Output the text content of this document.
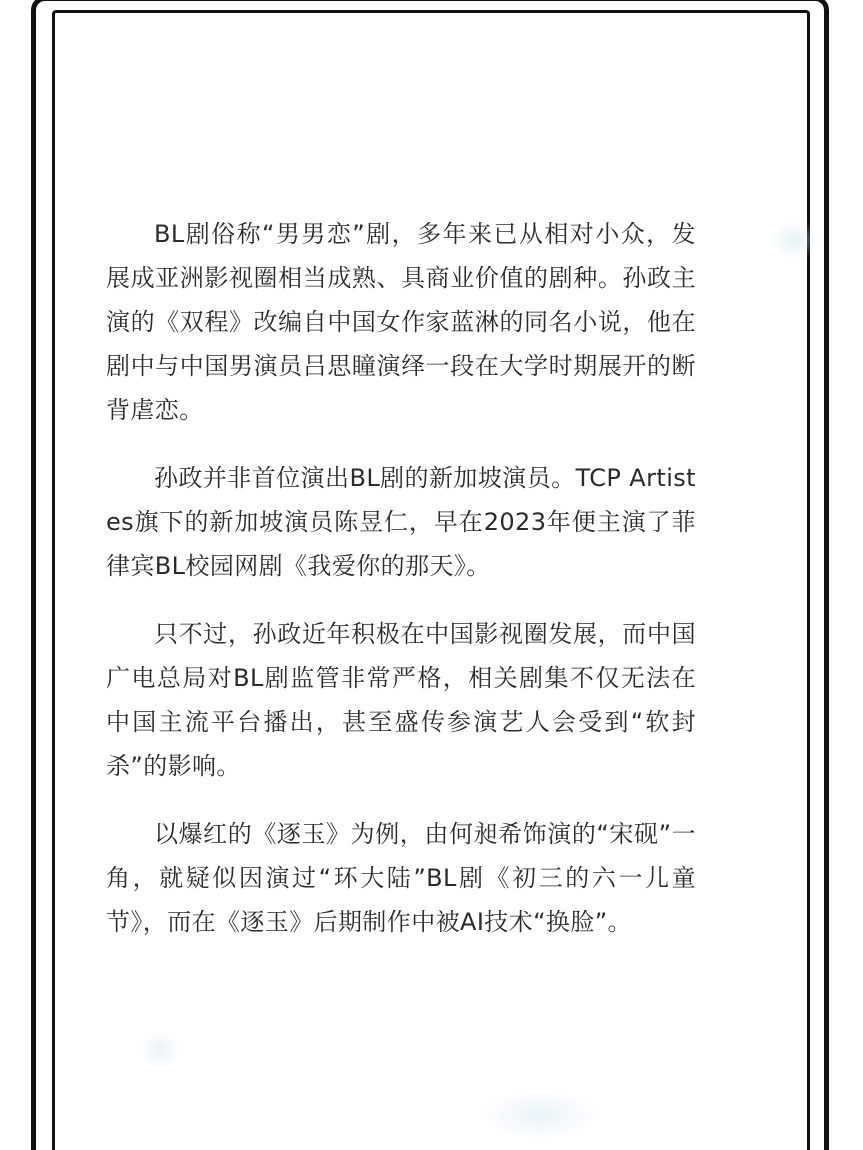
BL剧俗称“男男恋”剧，多年来已从相对小众，发展成亚洲影视圈相当成熟、具商业价值的剧种。孙政主演的《双程》改编自中国女作家蓝淋的同名小说，他在剧中与中国男演员吕思瞳演绎一段在大学时期展开的断背虐恋。

孙政并非首位演出BL剧的新加坡演员。TCP Artistes旗下的新加坡演员陈昱仁，早在2023年便主演了菲律宾BL校园网剧《我爱你的那天》。

只不过，孙政近年积极在中国影视圈发展，而中国广电总局对BL剧监管非常严格，相关剧集不仅无法在中国主流平台播出，甚至盛传参演艺人会受到“软封杀”的影响。

以爆红的《逐玉》为例，由何昶希饰演的“宋砚”一角，就疑似因演过“环大陆”BL剧《初三的六一儿童节》，而在《逐玉》后期制作中被AI技术“换脸”。
